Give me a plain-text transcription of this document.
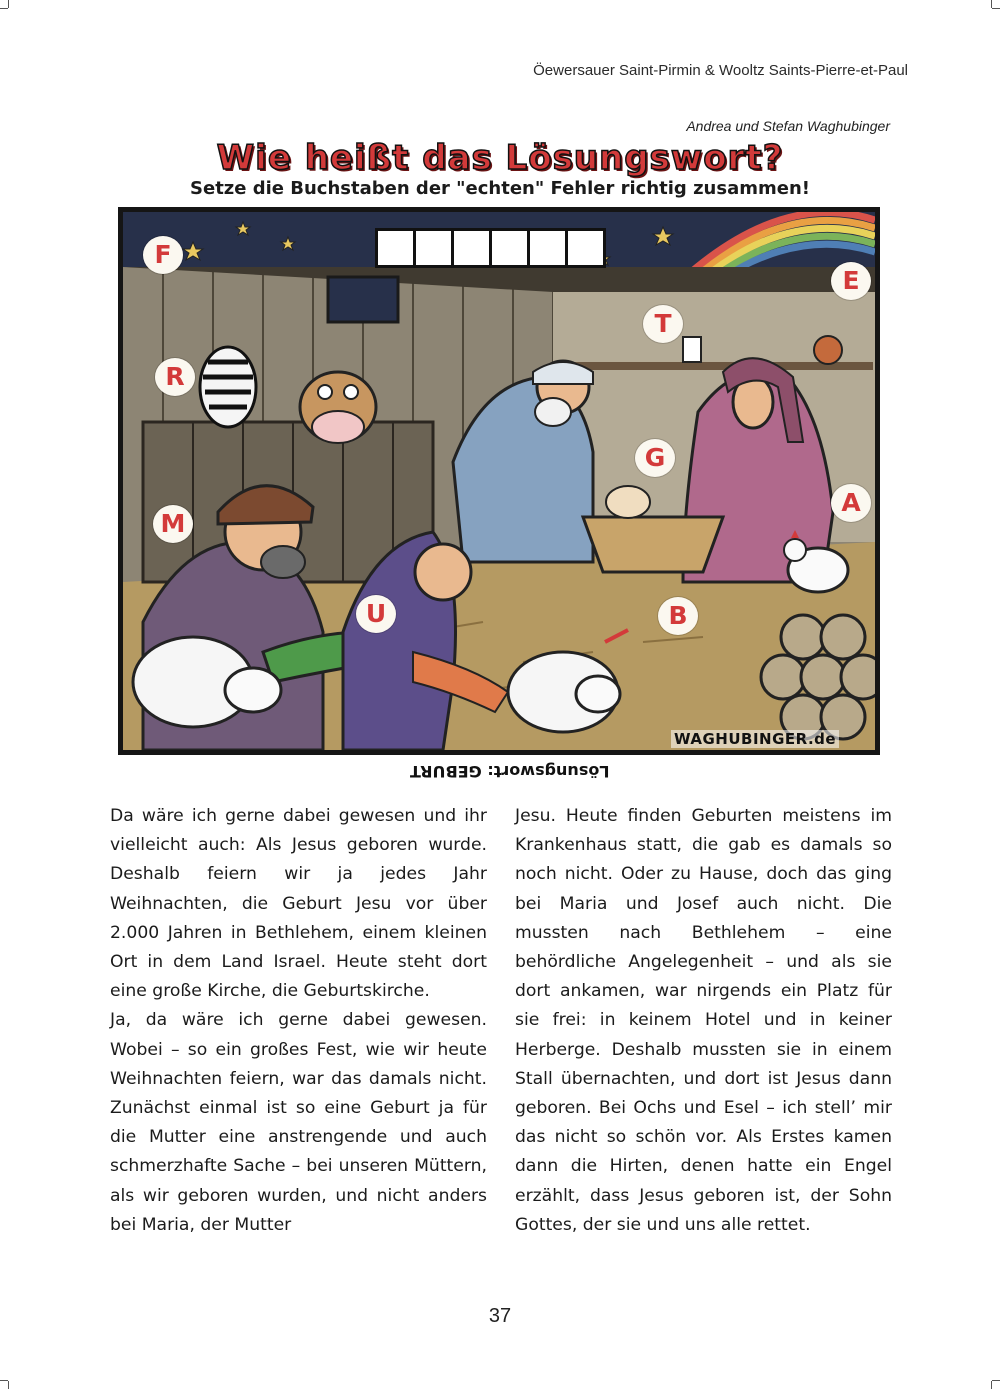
Öewersauer Saint-Pirmin & Wooltz Saints-Pierre-et-Paul
Andrea und Stefan Waghubinger
Wie heißt das Lösungswort?
Setze die Buchstaben der "echten" Fehler richtig zusammen!
F
R
M
E
T
G
A
U	B
WAGHUBINGER.de
Lösungswort: GEBURT

Da wäre ich gerne dabei gewesen und ihr vielleicht auch: Als Jesus geboren wurde. Deshalb feiern wir ja jedes Jahr Weihnachten, die Geburt Jesu vor über 2.000 Jahren in Bethlehem, einem kleinen Ort in dem Land Israel. Heute steht dort eine große Kirche, die Geburtskirche.

Ja, da wäre ich gerne dabei gewesen. Wobei – so ein großes Fest, wie wir heute Weihnachten feiern, war das damals nicht. Zunächst einmal ist so eine Geburt ja für die Mutter eine anstrengende und auch schmerzhafte Sache – bei unseren Müttern, als wir geboren wurden, und nicht anders bei Maria, der Mutter

Jesu. Heute finden Geburten meistens im Krankenhaus statt, die gab es damals so noch nicht. Oder zu Hause, doch das ging bei Maria und Josef auch nicht. Die mussten nach Bethlehem – eine behördliche Angelegenheit – und als sie dort ankamen, war nirgends ein Platz für sie frei: in keinem Hotel und in keiner Herberge. Deshalb mussten sie in einem Stall übernachten, und dort ist Jesus dann geboren. Bei Ochs und Esel – ich stell’ mir das nicht so schön vor. Als Erstes kamen dann die Hirten, denen hatte ein Engel erzählt, dass Jesus geboren ist, der Sohn Gottes, der sie und uns alle rettet.

37
